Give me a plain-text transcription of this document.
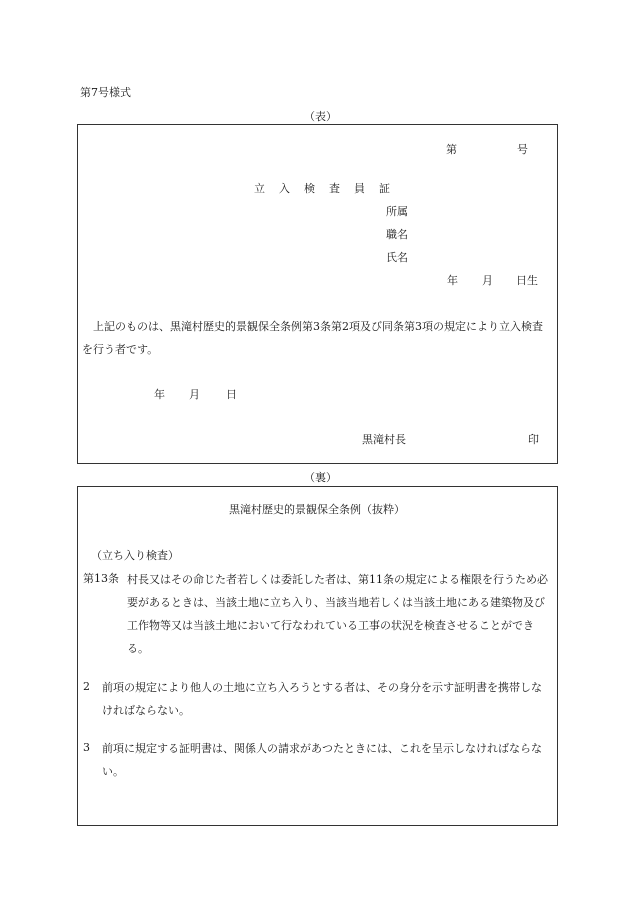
第7号様式
（表）
第	号
立入検査員証
所属
職名
氏名
年 月 日生
上記のものは、黒滝村歴史的景観保全条例第3条第2項及び同条第3項の規定により立入検査を行う者です。
年 月 日
黒滝村長	印
（裏）
黒滝村歴史的景観保全条例（抜粋）
（立ち入り検査）
第13条 村長又はその命じた者若しくは委託した者は、第11条の規定による権限を行うため必要があるときは、当該土地に立ち入り、当該当地若しくは当該土地にある建築物及び工作物等又は当該土地において行なわれている工事の状況を検査させることができる。
2 前項の規定により他人の土地に立ち入ろうとする者は、その身分を示す証明書を携帯しなければならない。
3 前項に規定する証明書は、関係人の請求があつたときには、これを呈示しなければならない。
